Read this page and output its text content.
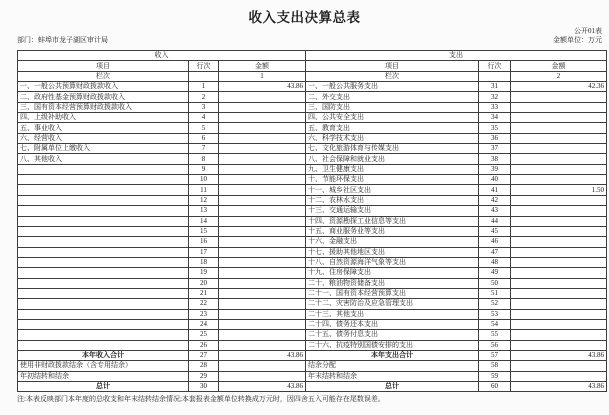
收入支出决算总表
公开01表
部门：蚌埠市龙子湖区审计局	金额单位：万元
收入			支出		
项目	行次	金额	项目	行次	金额
栏次		1	栏次		2
一、一般公共预算财政拨款收入	1	43.86	一、一般公共服务支出	31	42.36
二、政府性基金预算财政拨款收入	2		二、外交支出	32	
三、国有资本经营预算财政拨款收入	3		三、国防支出	33	
四、上级补助收入	4		四、公共安全支出	34	
五、事业收入	5		五、教育支出	35	
六、经营收入	6		六、科学技术支出	36	
七、附属单位上缴收入	7		七、文化旅游体育与传媒支出	37	
八、其他收入	8		八、社会保障和就业支出	38	
	9		九、卫生健康支出	39	
	10		十、节能环保支出	40	
	11		十一、城乡社区支出	41	1.50
	12		十二、农林水支出	42	
	13		十三、交通运输支出	43	
	14		十四、资源勘探工业信息等支出	44	
	15		十五、商业服务业等支出	45	
	16		十六、金融支出	46	
	17		十七、援助其他地区支出	47	
	18		十八、自然资源海洋气象等支出	48	
	19		十九、住房保障支出	49	
	20		二十、粮油物资储备支出	50	
	21		二十一、国有资本经营预算支出	51	
	22		二十二、灾害防治及应急管理支出	52	
	23		二十三、其他支出	53	
	24		二十四、债务还本支出	54	
	25		二十五、债务付息支出	55	
	26		二十六、抗疫特别国债安排的支出	56	
本年收入合计	27	43.86	本年支出合计	57	43.86
使用非财政拨款结余（含专用结余）	28		结余分配	58	
年初结转和结余	29		年末结转和结余	59	
总计	30	43.86	总计	60	43.86
注:本表反映部门本年度的总收支和年末结转结余情况;本套报表金额单位转换成万元时，因四舍五入可能存在尾数误差。
